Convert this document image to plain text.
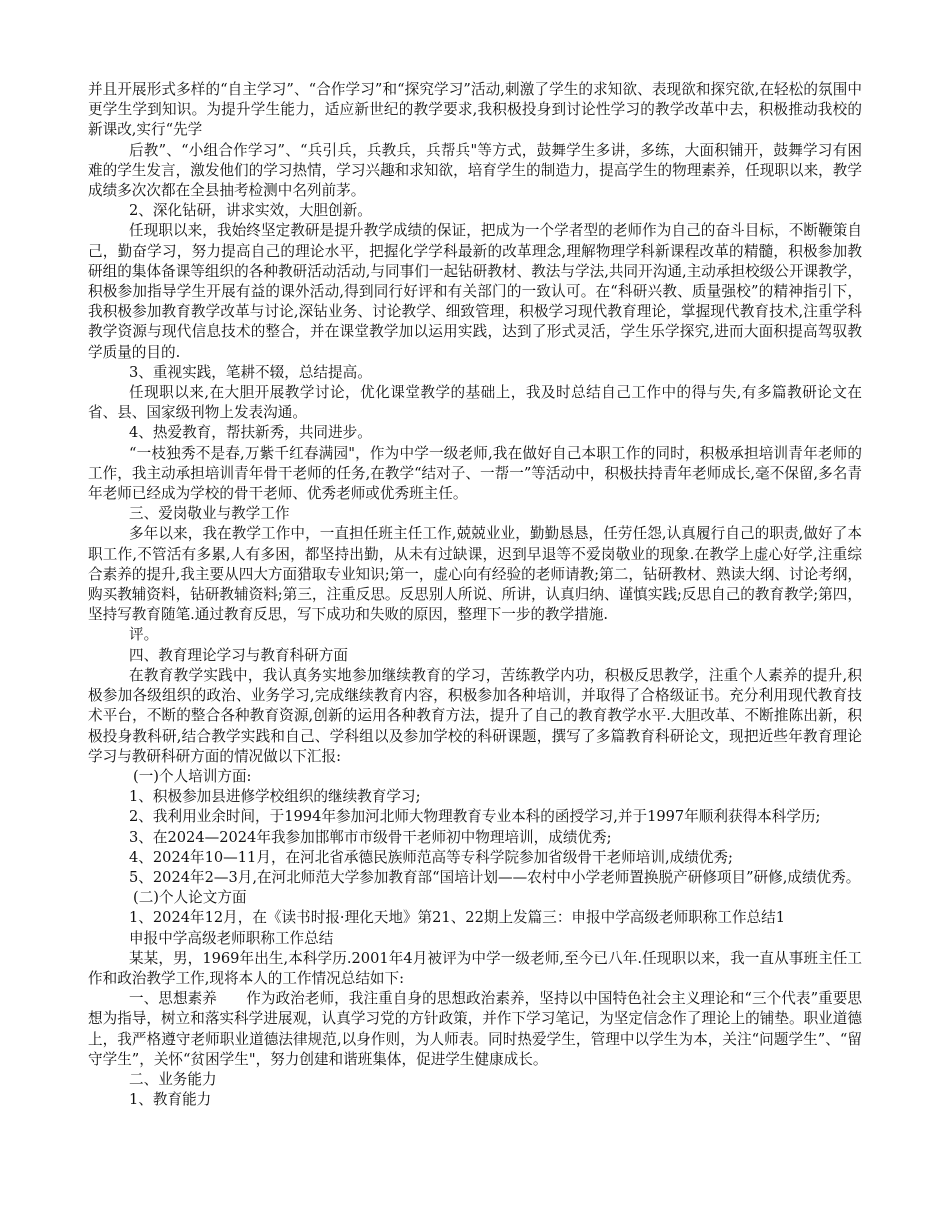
并且开展形式多样的“自主学习”、“合作学习”和“探究学习”活动,刺激了学生的求知欲、表现欲和探究欲,在轻松的氛围中更学生学到知识。为提升学生能力，适应新世纪的教学要求,我积极投身到讨论性学习的教学改革中去，积极推动我校的新课改,实行“先学

后教”、“小组合作学习”、“兵引兵，兵教兵，兵帮兵"等方式，鼓舞学生多讲，多练，大面积铺开，鼓舞学习有困难的学生发言，激发他们的学习热情，学习兴趣和求知欲，培育学生的制造力，提高学生的物理素养，任现职以来，教学成绩多次次都在全县抽考检测中名列前茅。

2、深化钻研，讲求实效，大胆创新。

任现职以来，我始终坚定教研是提升教学成绩的保证，把成为一个学者型的老师作为自己的奋斗目标，不断鞭策自己，勤奋学习，努力提高自己的理论水平，把握化学学科最新的改革理念,理解物理学科新课程改革的精髓，积极参加教研组的集体备课等组织的各种教研活动活动,与同事们一起钻研教材、教法与学法,共同开沟通,主动承担校级公开课教学，积极参加指导学生开展有益的课外活动,得到同行好评和有关部门的一致认可。在“科研兴教、质量强校”的精神指引下，我积极参加教育教学改革与讨论,深钻业务、讨论教学、细致管理，积极学习现代教育理论，掌握现代教育技术,注重学科教学资源与现代信息技术的整合，并在课堂教学加以运用实践，达到了形式灵活，学生乐学探究,进而大面积提高驾驭教学质量的目的.

3、重视实践，笔耕不辍，总结提高。

任现职以来,在大胆开展教学讨论，优化课堂教学的基础上，我及时总结自己工作中的得与失,有多篇教研论文在省、县、国家级刊物上发表沟通。

4、热爱教育，帮扶新秀，共同进步。

“一枝独秀不是春,万紫千红春满园"，作为中学一级老师,我在做好自己本职工作的同时，积极承担培训青年老师的工作，我主动承担培训青年骨干老师的任务,在教学“结对子、一帮一”等活动中，积极扶持青年老师成长,毫不保留,多名青年老师已经成为学校的骨干老师、优秀老师或优秀班主任。

三、爱岗敬业与教学工作

多年以来，我在教学工作中，一直担任班主任工作,兢兢业业，勤勤恳恳，任劳任怨,认真履行自己的职责,做好了本职工作,不管活有多累,人有多困，都坚持出勤，从未有过缺课，迟到早退等不爱岗敬业的现象.在教学上虚心好学,注重综合素养的提升,我主要从四大方面猎取专业知识;第一，虚心向有经验的老师请教;第二，钻研教材、熟读大纲、讨论考纲，购买教辅资料，钻研教辅资料;第三，注重反思。反思别人所说、所讲，认真归纳、谨慎实践;反思自己的教育教学;第四，坚持写教育随笔.通过教育反思，写下成功和失败的原因，整理下一步的教学措施.

评。

四、教育理论学习与教育科研方面

在教育教学实践中，我认真务实地参加继续教育的学习，苦练教学内功，积极反思教学，注重个人素养的提升,积极参加各级组织的政治、业务学习,完成继续教育内容，积极参加各种培训，并取得了合格级证书。充分利用现代教育技术平台，不断的整合各种教育资源,创新的运用各种教育方法，提升了自己的教育教学水平.大胆改革、不断推陈出新，积极投身教科研,结合教学实践和自己、学科组以及参加学校的科研课题，撰写了多篇教育科研论文，现把近些年教育理论学习与教研科研方面的情况做以下汇报:

(一)个人培训方面:

1、积极参加县进修学校组织的继续教育学习;

2、我利用业余时间，于1994年参加河北师大物理教育专业本科的函授学习,并于1997年顺利获得本科学历;

3、在2024—2024年我参加邯郸市市级骨干老师初中物理培训，成绩优秀;

4、2024年10—11月，在河北省承德民族师范高等专科学院参加省级骨干老师培训,成绩优秀;

5、2024年2—3月,在河北师范大学参加教育部“国培计划——农村中小学老师置换脱产研修项目”研修,成绩优秀。

(二)个人论文方面

1、2024年12月，在《读书时报·理化天地》第21、22期上发篇三：申报中学高级老师职称工作总结1

申报中学高级老师职称工作总结

某某，男，1969年出生,本科学历.2001年4月被评为中学一级老师,至今已八年.任现职以来，我一直从事班主任工作和政治教学工作,现将本人的工作情况总结如下:

一、思想素养　　作为政治老师，我注重自身的思想政治素养，坚持以中国特色社会主义理论和“三个代表”重要思想为指导，树立和落实科学进展观，认真学习党的方针政策，并作下学习笔记，为坚定信念作了理论上的铺垫。职业道德上，我严格遵守老师职业道德法律规范,以身作则，为人师表。同时热爱学生，管理中以学生为本，关注“问题学生”、“留守学生”，关怀“贫困学生"，努力创建和谐班集体，促进学生健康成长。

二、业务能力

1、教育能力
